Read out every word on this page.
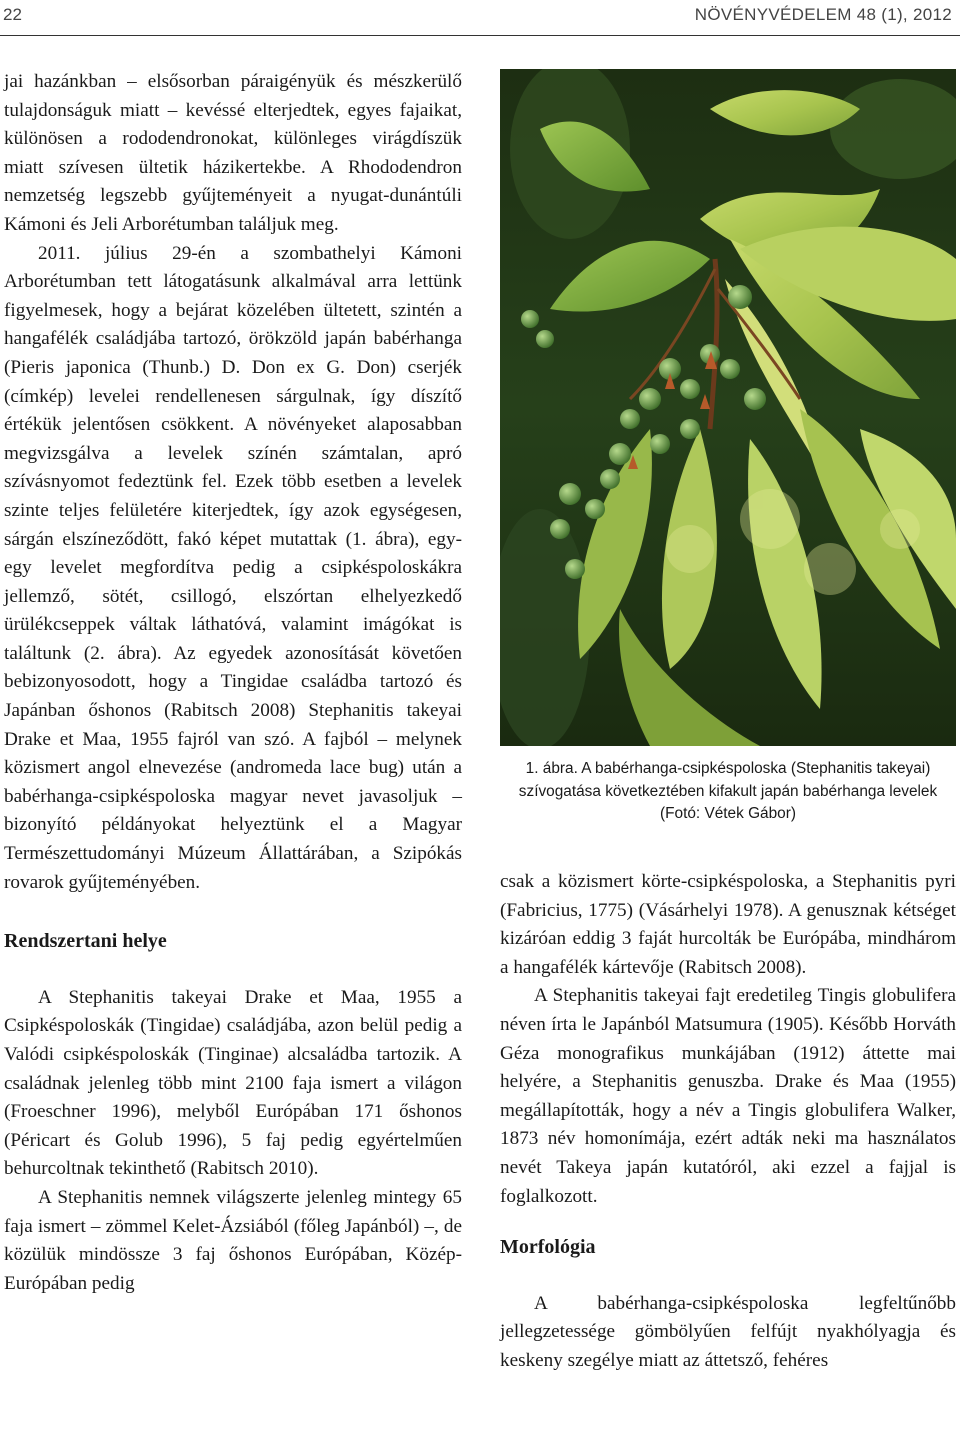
22	NÖVÉNYVÉDELEM 48 (1), 2012

jai hazánkban – elsősorban páraigényük és mészkerülő tulajdonságuk miatt – kevéssé elterjedtek, egyes fajaikat, különösen a rododendronokat, különleges virágdíszük miatt szívesen ültetik házikertekbe. A Rhododendron nemzetség legszebb gyűjteményeit a nyugat-dunántúli Kámoni és Jeli Arborétumban találjuk meg.

2011. július 29-én a szombathelyi Kámoni Arborétumban tett látogatásunk alkalmával arra lettünk figyelmesek, hogy a bejárat közelében ültetett, szintén a hangafélék családjába tartozó, örökzöld japán babérhanga (Pieris japonica (Thunb.) D. Don ex G. Don) cserjék (címkép) levelei rendellenesen sárgulnak, így díszítő értékük jelentősen csökkent. A növényeket alaposabban megvizsgálva a levelek színén számtalan, apró szívásnyomot fedeztünk fel. Ezek több esetben a levelek szinte teljes felületére kiterjedtek, így azok egységesen, sárgán elszíneződött, fakó képet mutattak (1. ábra), egy-egy levelet megfordítva pedig a csipkéspoloskákra jellemző, sötét, csillogó, elszórtan elhelyezkedő ürülékcseppek váltak láthatóvá, valamint imágókat is találtunk (2. ábra). Az egyedek azonosítását követően bebizonyosodott, hogy a Tingidae családba tartozó és Japánban őshonos (Rabitsch 2008) Stephanitis takeyai Drake et Maa, 1955 fajról van szó. A fajból – melynek közismert angol elnevezése (andromeda lace bug) után a babérhanga-csipkéspoloska magyar nevet javasoljuk – bizonyító példányokat helyeztünk el a Magyar Természettudományi Múzeum Állattárában, a Szipókás rovarok gyűjteményében.

Rendszertani helye

A Stephanitis takeyai Drake et Maa, 1955 a Csipkéspoloskák (Tingidae) családjába, azon belül pedig a Valódi csipkéspoloskák (Tinginae) alcsaládba tartozik. A családnak jelenleg több mint 2100 faja ismert a világon (Froeschner 1996), melyből Európában 171 őshonos (Péricart és Golub 1996), 5 faj pedig egyértelműen behurcoltnak tekinthető (Rabitsch 2010).

A Stephanitis nemnek világszerte jelenleg mintegy 65 faja ismert – zömmel Kelet-Ázsiából (főleg Japánból) –, de közülük mindössze 3 faj őshonos Európában, Közép-Európában pedig

1. ábra. A babérhanga-csipkéspoloska (Stephanitis takeyai) szívogatása következtében kifakult japán babérhanga levelek (Fotó: Vétek Gábor)

csak a közismert körte-csipkéspoloska, a Stephanitis pyri (Fabricius, 1775) (Vásárhelyi 1978). A genusznak kétséget kizáróan eddig 3 faját hurcolták be Európába, mindhárom a hangafélék kártevője (Rabitsch 2008).

A Stephanitis takeyai fajt eredetileg Tingis globulifera néven írta le Japánból Matsumura (1905). Később Horváth Géza monografikus munkájában (1912) áttette mai helyére, a Stephanitis genuszba. Drake és Maa (1955) megállapították, hogy a név a Tingis globulifera Walker, 1873 név homonímája, ezért adták neki ma használatos nevét Takeya japán kutatóról, aki ezzel a fajjal is foglalkozott.

Morfológia

A babérhanga-csipkéspoloska legfeltűnőbb jellegzetessége gömbölyűen felfújt nyakhólyagja és keskeny szegélye miatt az áttetsző, fehéres
